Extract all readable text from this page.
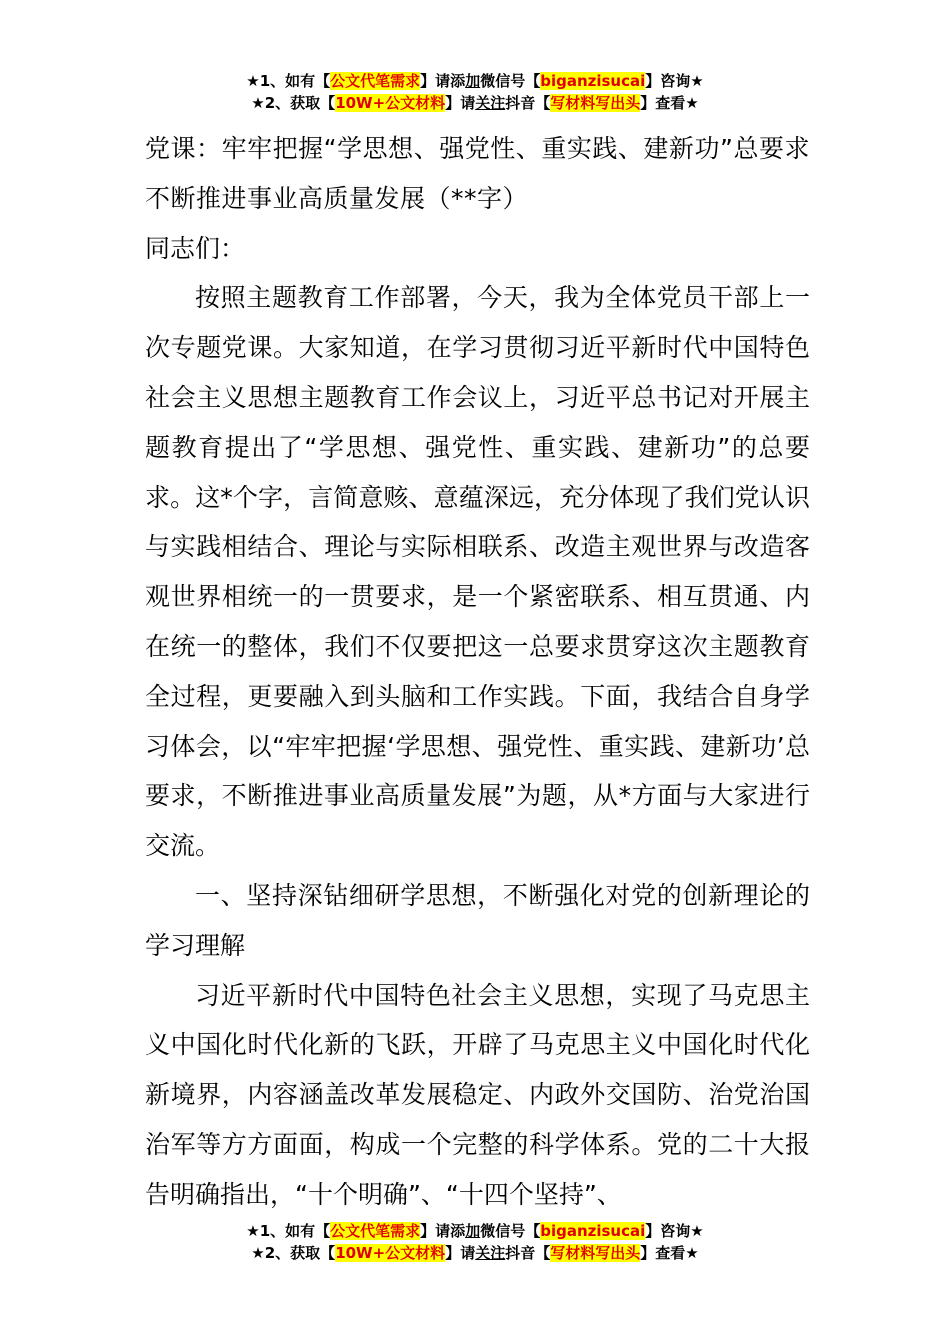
★1、如有【公文代笔需求】请添加微信号【biganzisucai】咨询★
★2、获取【10W+公文材料】请关注抖音【写材料写出头】查看★

党课：牢牢把握“学思想、强党性、重实践、建新功”总要求不断推进事业高质量发展（**字）

同志们：

按照主题教育工作部署，今天，我为全体党员干部上一次专题党课。大家知道，在学习贯彻习近平新时代中国特色社会主义思想主题教育工作会议上，习近平总书记对开展主题教育提出了“学思想、强党性、重实践、建新功”的总要求。这*个字，言简意赅、意蕴深远，充分体现了我们党认识与实践相结合、理论与实际相联系、改造主观世界与改造客观世界相统一的一贯要求，是一个紧密联系、相互贯通、内在统一的整体，我们不仅要把这一总要求贯穿这次主题教育全过程，更要融入到头脑和工作实践。下面，我结合自身学习体会，以“牢牢把握‘学思想、强党性、重实践、建新功’总要求，不断推进事业高质量发展”为题，从*方面与大家进行交流。

一、坚持深钻细研学思想，不断强化对党的创新理论的学习理解

习近平新时代中国特色社会主义思想，实现了马克思主义中国化时代化新的飞跃，开辟了马克思主义中国化时代化新境界，内容涵盖改革发展稳定、内政外交国防、治党治国治军等方方面面，构成一个完整的科学体系。党的二十大报告明确指出，“十个明确”、“十四个坚持”、

★1、如有【公文代笔需求】请添加微信号【biganzisucai】咨询★
★2、获取【10W+公文材料】请关注抖音【写材料写出头】查看★
